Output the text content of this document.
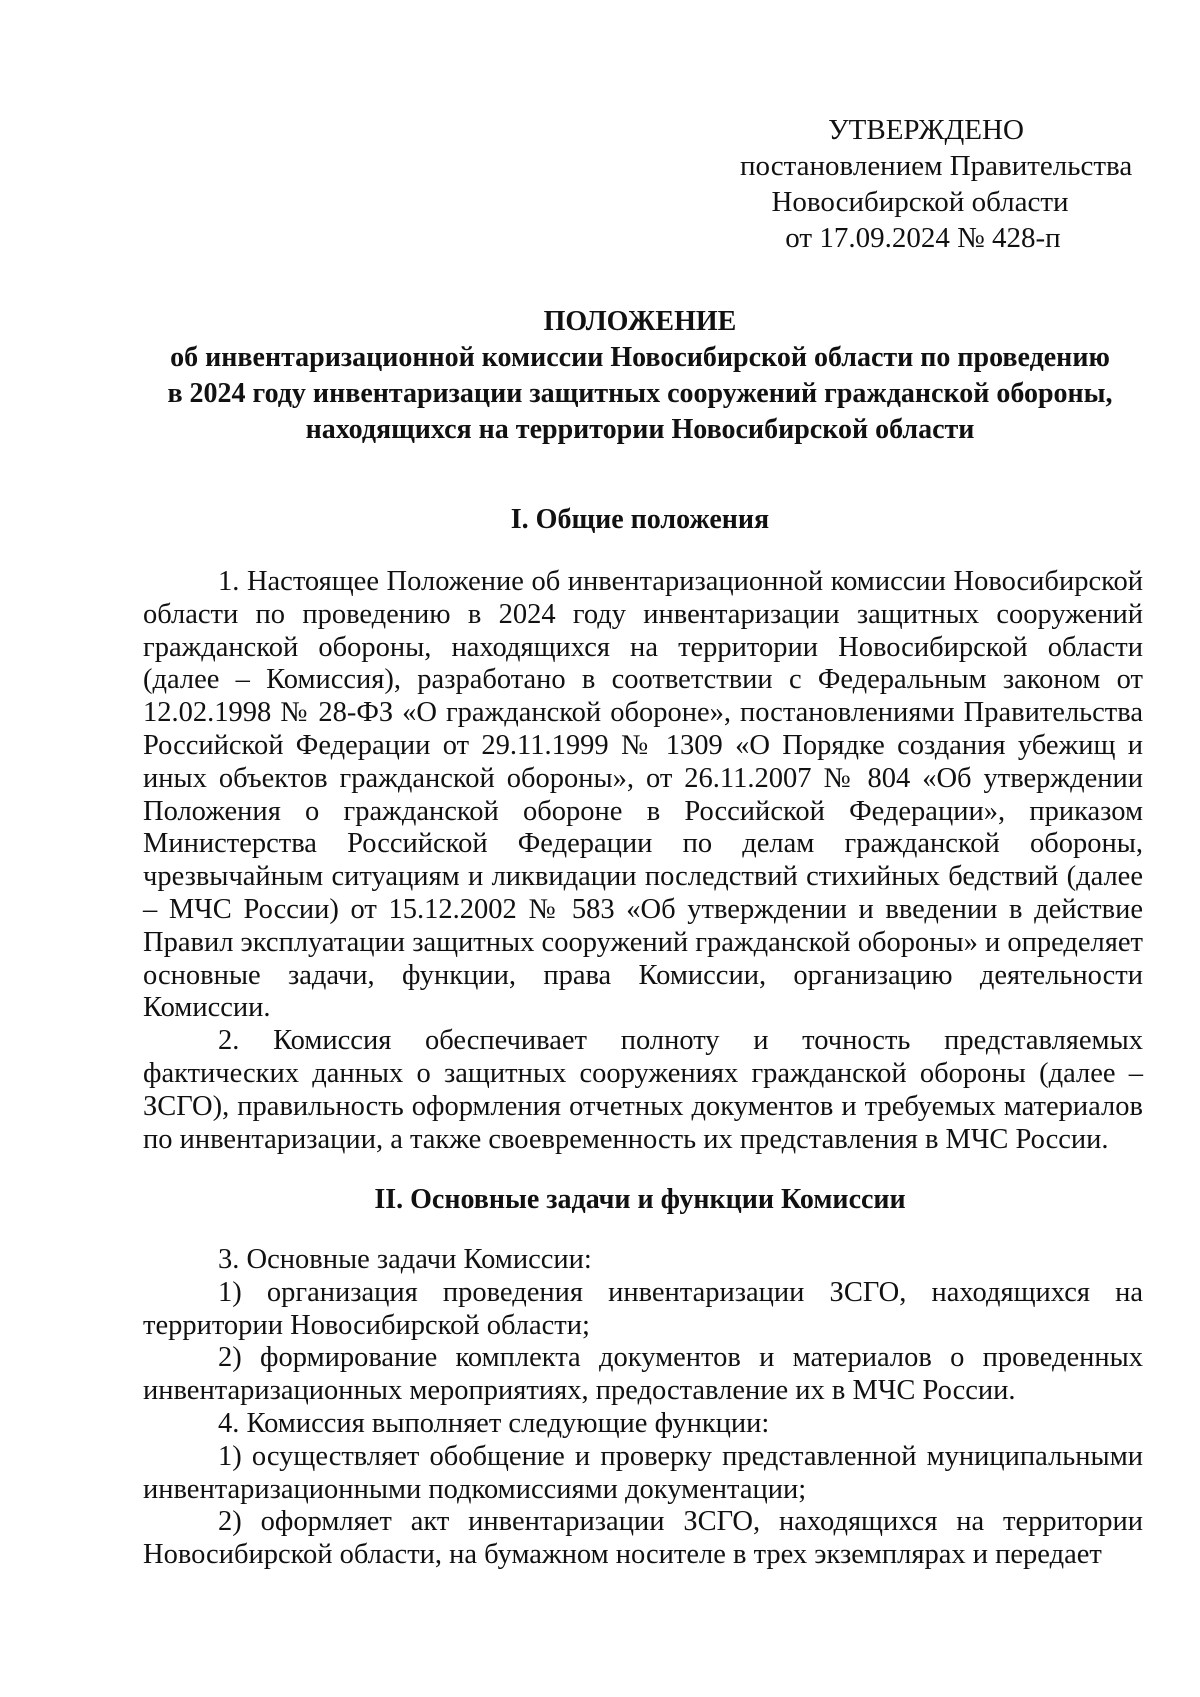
УТВЕРЖДЕНО
постановлением Правительства
Новосибирской области
от 17.09.2024 № 428-п
ПОЛОЖЕНИЕ
об инвентаризационной комиссии Новосибирской области по проведению
в 2024 году инвентаризации защитных сооружений гражданской обороны,
находящихся на территории Новосибирской области
I. Общие положения

1. Настоящее Положение об инвентаризационной комиссии Новосибирской области по проведению в 2024 году инвентаризации защитных сооружений гражданской обороны, находящихся на территории Новосибирской области (далее – Комиссия), разработано в соответствии с Федеральным законом от 12.02.1998 № 28-ФЗ «О гражданской обороне», постановлениями Правительства Российской Федерации от 29.11.1999 № 1309 «О Порядке создания убежищ и иных объектов гражданской обороны», от 26.11.2007 № 804 «Об утверждении Положения о гражданской обороне в Российской Федерации», приказом Министерства Российской Федерации по делам гражданской обороны, чрезвычайным ситуациям и ликвидации последствий стихийных бедствий (далее – МЧС России) от 15.12.2002 № 583 «Об утверждении и введении в действие Правил эксплуатации защитных сооружений гражданской обороны» и определяет основные задачи, функции, права Комиссии, организацию деятельности Комиссии.

2. Комиссия обеспечивает полноту и точность представляемых фактических данных о защитных сооружениях гражданской обороны (далее – ЗСГО), правильность оформления отчетных документов и требуемых материалов по инвентаризации, а также своевременность их представления в МЧС России.

II. Основные задачи и функции Комиссии

3. Основные задачи Комиссии:

1) организация проведения инвентаризации ЗСГО, находящихся на территории Новосибирской области;

2) формирование комплекта документов и материалов о проведенных инвентаризационных мероприятиях, предоставление их в МЧС России.

4. Комиссия выполняет следующие функции:

1) осуществляет обобщение и проверку представленной муниципальными инвентаризационными подкомиссиями документации;

2) оформляет акт инвентаризации ЗСГО, находящихся на территории Новосибирской области, на бумажном носителе в трех экземплярах и передает
